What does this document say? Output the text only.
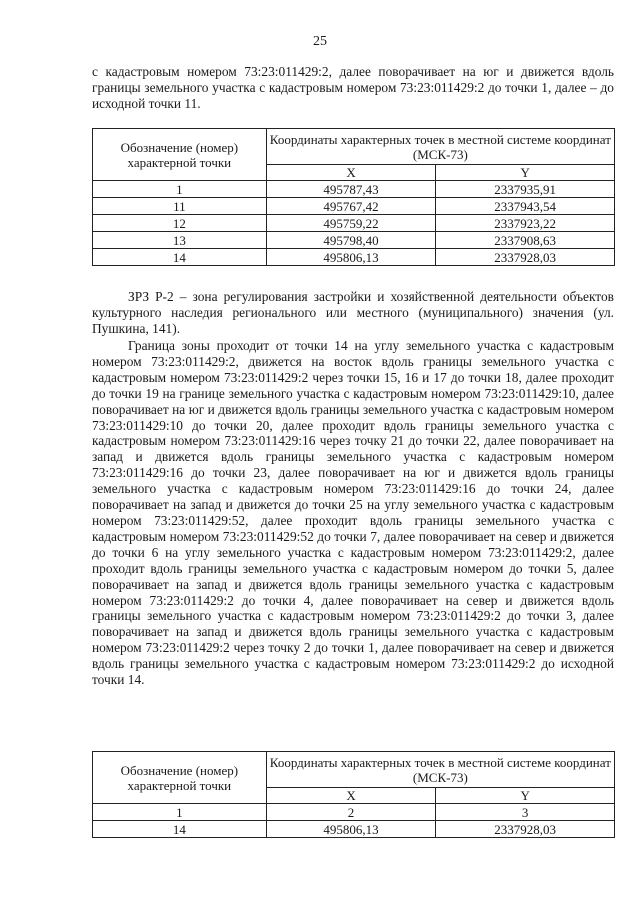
25

с кадастровым номером 73:23:011429:2, далее поворачивает на юг и движется вдоль границы земельного участка с кадастровым номером 73:23:011429:2 до точки 1, далее – до исходной точки 11.

Обозначение (номер) характерной точки	Координаты характерных точек в местной системе координат (МСК-73)	
	X	Y
1	495787,43	2337935,91
11	495767,42	2337943,54
12	495759,22	2337923,22
13	495798,40	2337908,63
14	495806,13	2337928,03

ЗРЗ Р-2 – зона регулирования застройки и хозяйственной деятельности объектов культурного наследия регионального или местного (муниципального) значения (ул. Пушкина, 141).

Граница зоны проходит от точки 14 на углу земельного участка с кадастровым номером 73:23:011429:2, движется на восток вдоль границы земельного участка с кадастровым номером 73:23:011429:2 через точки 15, 16 и 17 до точки 18, далее проходит до точки 19 на границе земельного участка с кадастровым номером 73:23:011429:10, далее поворачивает на юг и движется вдоль границы земельного участка с кадастровым номером 73:23:011429:10 до точки 20, далее проходит вдоль границы земельного участка с кадастровым номером 73:23:011429:16 через точку 21 до точки 22, далее поворачивает на запад и движется вдоль границы земельного участка с кадастровым номером 73:23:011429:16 до точки 23, далее поворачивает на юг и движется вдоль границы земельного участка с кадастровым номером 73:23:011429:16 до точки 24, далее поворачивает на запад и движется до точки 25 на углу земельного участка с кадастровым номером 73:23:011429:52, далее проходит вдоль границы земельного участка с кадастровым номером 73:23:011429:52 до точки 7, далее поворачивает на север и движется до точки 6 на углу земельного участка с кадастровым номером 73:23:011429:2, далее проходит вдоль границы земельного участка с кадастровым номером до точки 5, далее поворачивает на запад и движется вдоль границы земельного участка с кадастровым номером 73:23:011429:2 до точки 4, далее поворачивает на север и движется вдоль границы земельного участка с кадастровым номером 73:23:011429:2 до точки 3, далее поворачивает на запад и движется вдоль границы земельного участка с кадастровым номером 73:23:011429:2 через точку 2 до точки 1, далее поворачивает на север и движется вдоль границы земельного участка с кадастровым номером 73:23:011429:2 до исходной точки 14.

Обозначение (номер) характерной точки	Координаты характерных точек в местной системе координат (МСК-73)	
	X	Y
1	2	3
14	495806,13	2337928,03
